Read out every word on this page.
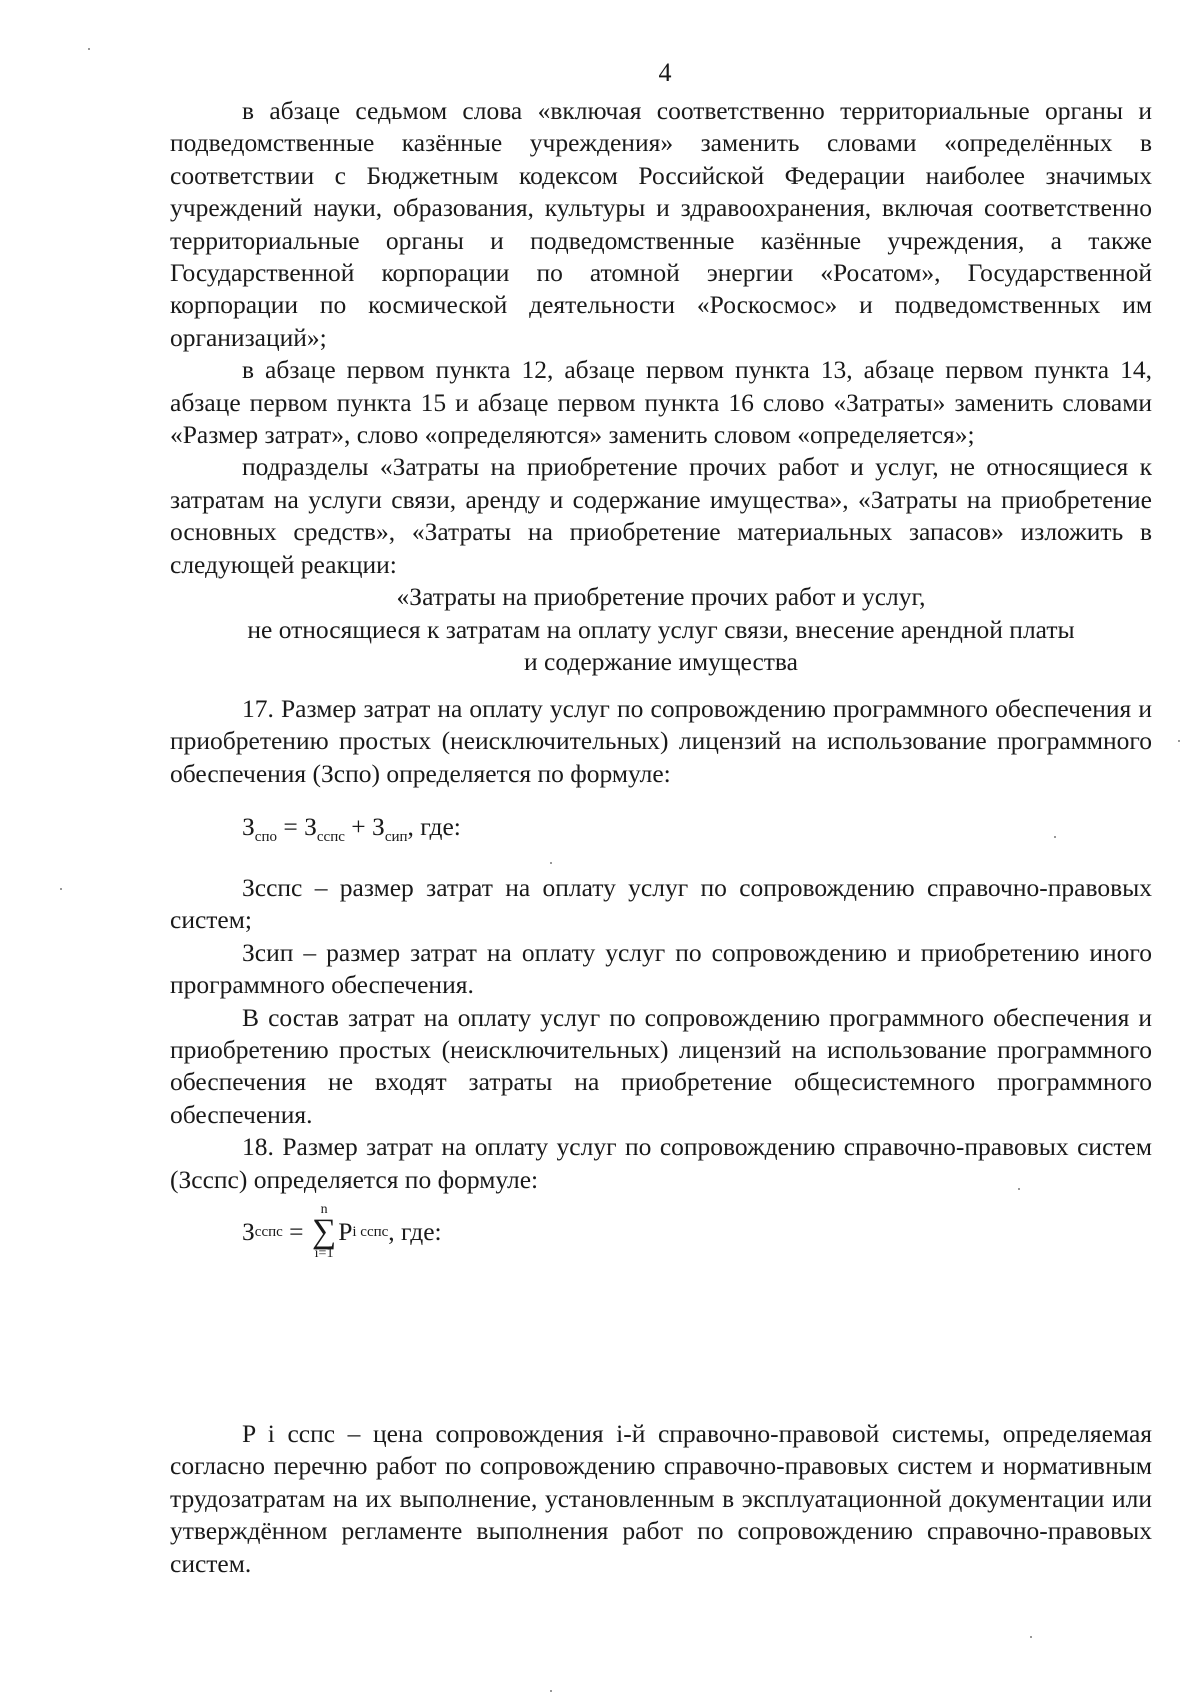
4

в абзаце седьмом слова «включая соответственно территориальные органы и подведомственные казённые учреждения» заменить словами «определённых в соответствии с Бюджетным кодексом Российской Федерации наиболее значимых учреждений науки, образования, культуры и здравоохранения, включая соответственно территориальные органы и подведомственные казённые учреждения, а также Государственной корпорации по атомной энергии «Росатом», Государственной корпорации по космической деятельности «Роскосмос» и подведомственных им организаций»;

в абзаце первом пункта 12, абзаце первом пункта 13, абзаце первом пункта 14, абзаце первом пункта 15 и абзаце первом пункта 16 слово «Затраты» заменить словами «Размер затрат», слово «определяются» заменить словом «определяется»;

подразделы «Затраты на приобретение прочих работ и услуг, не относящиеся к затратам на услуги связи, аренду и содержание имущества», «Затраты на приобретение основных средств», «Затраты на приобретение материальных запасов» изложить в следующей реакции:

«Затраты на приобретение прочих работ и услуг,

не относящиеся к затратам на оплату услуг связи, внесение арендной платы

и содержание имущества

17. Размер затрат на оплату услуг по сопровождению программного обеспечения и приобретению простых (неисключительных) лицензий на использование программного обеспечения (Зспо) определяется по формуле:

$З_{спо} = З_{сспс} + З_{сип}$, где:

Зсспс – размер затрат на оплату услуг по сопровождению справочно-правовых систем;

Зсип – размер затрат на оплату услуг по сопровождению и приобретению иного программного обеспечения.

В состав затрат на оплату услуг по сопровождению программного обеспечения и приобретению простых (неисключительных) лицензий на использование программного обеспечения не входят затраты на приобретение общесистемного программного обеспечения.

18. Размер затрат на оплату услуг по сопровождению справочно-правовых систем (Зсспс) определяется по формуле:

З сспс =
n
∑
i=1
P i сспс , где:

P i сспс – цена сопровождения i-й справочно-правовой системы, определяемая согласно перечню работ по сопровождению справочно-правовых систем и нормативным трудозатратам на их выполнение, установленным в эксплуатационной документации или утверждённом регламенте выполнения работ по сопровождению справочно-правовых систем.
